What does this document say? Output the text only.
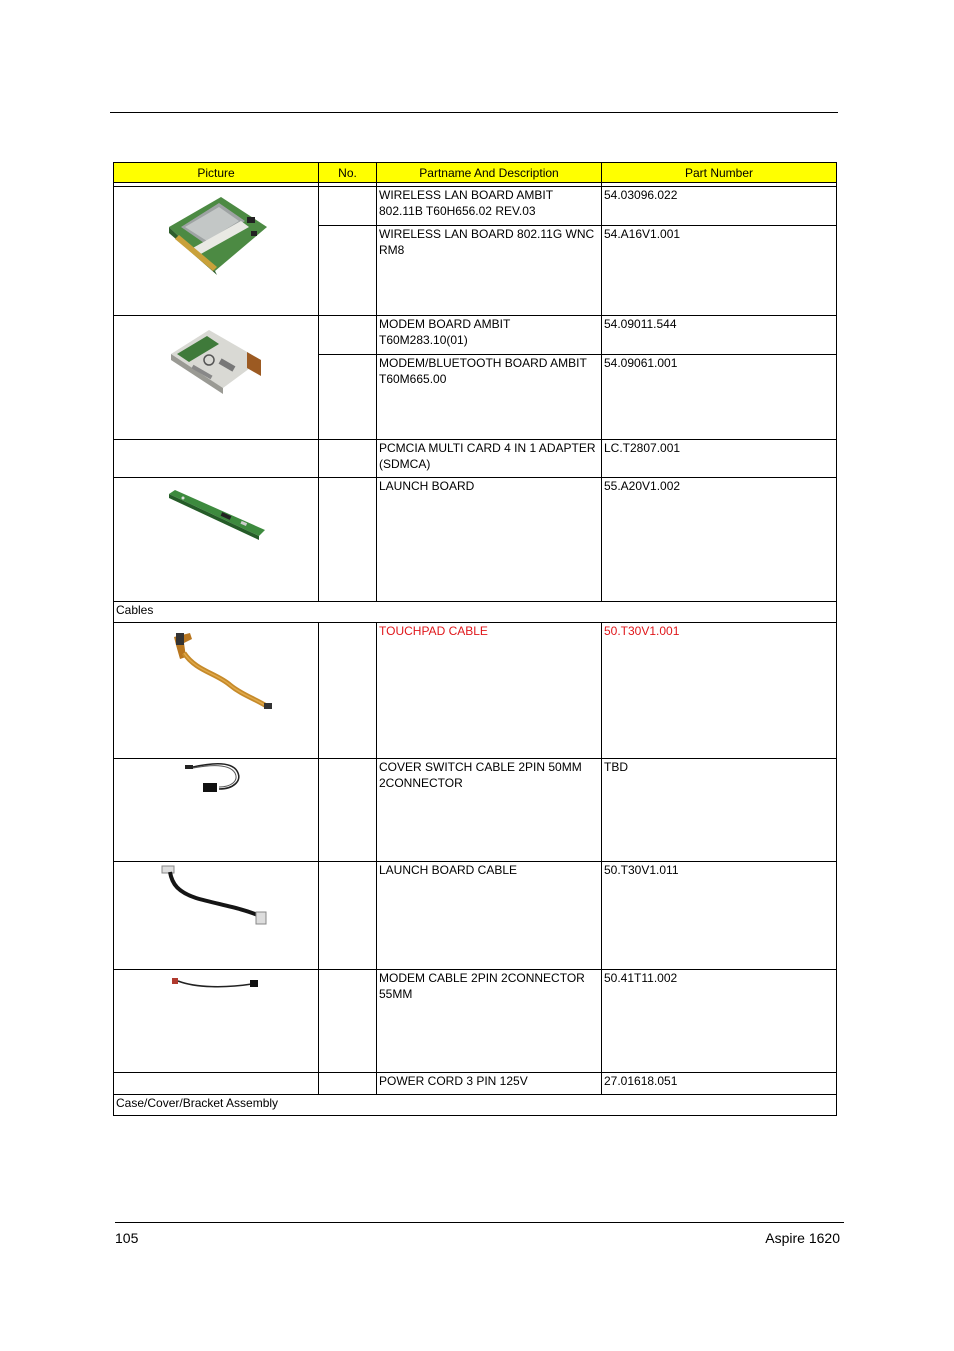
Picture	No.	Partname And Description	Part Number

		WIRELESS LAN BOARD AMBIT 802.11B T60H656.02 REV.03	54.03096.022
		WIRELESS LAN BOARD 802.11G WNC RM8	54.A16V1.001

		MODEM BOARD AMBIT T60M283.10(01)	54.09011.544
		MODEM/BLUETOOTH BOARD AMBIT T60M665.00	54.09061.001
		PCMCIA MULTI CARD 4 IN 1 ADAPTER (SDMCA)	LC.T2807.001

		LAUNCH BOARD	55.A20V1.002
Cables			

		TOUCHPAD CABLE	50.T30V1.001

		COVER SWITCH CABLE 2PIN 50MM 2CONNECTOR	TBD

		LAUNCH BOARD CABLE	50.T30V1.011

		MODEM CABLE 2PIN 2CONNECTOR 55MM	50.41T11.002
		POWER CORD 3 PIN 125V	27.01618.051
Case/Cover/Bracket Assembly			
105	Aspire 1620
